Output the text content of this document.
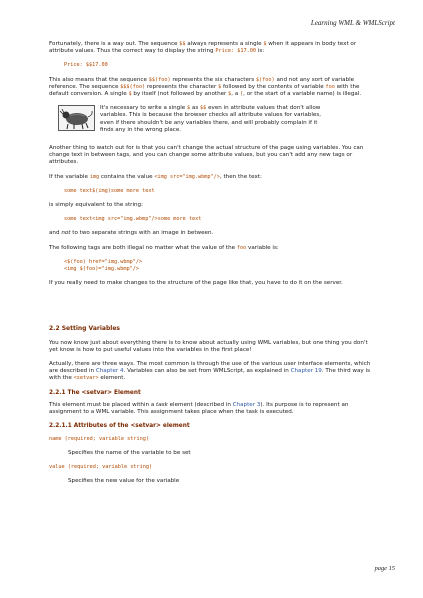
Learning WML & WMLScript

Fortunately, there is a way out. The sequence $$ always represents a single $ when it appears in body text or attribute values. Thus the correct way to display the string Price: $17.00 is:

Price: $$17.00

This also means that the sequence $$(foo) represents the six characters $(foo) and not any sort of variable reference. The sequence $$$(foo) represents the character $ followed by the contents of variable foo with the default conversion. A single $ by itself (not followed by another $, a (, or the start of a variable name) is illegal.

It's necessary to write a single $ as $$ even in attribute values that don't allow variables. This is because the browser checks all attribute values for variables, even if there shouldn't be any variables there, and will probably complain if it finds any in the wrong place.

Another thing to watch out for is that you can't change the actual structure of the page using variables. You can change text in between tags, and you can change some attribute values, but you can't add any new tags or attributes.

If the variable img contains the value <img src="img.wbmp"/>, then the text:

some text$(img)some more text

is simply equivalent to the string:

some text<img src="img.wbmp"/>some more text

and not to two separate strings with an image in between.

The following tags are both illegal no matter what the value of the foo variable is:

<$(foo) href="img.wbmp"/>
<img $(foo)="img.wbmp"/>

If you really need to make changes to the structure of the page like that, you have to do it on the server.

2.2 Setting Variables

You now know just about everything there is to know about actually using WML variables, but one thing you don't yet know is how to put useful values into the variables in the first place!

Actually, there are three ways. The most common is through the use of the various user interface elements, which are described in Chapter 4. Variables can also be set from WMLScript, as explained in Chapter 19. The third way is with the <setvar> element.

2.2.1 The <setvar> Element

This element must be placed within a task element (described in Chapter 3). Its purpose is to represent an assignment to a WML variable. This assignment takes place when the task is executed.

2.2.1.1 Attributes of the <setvar> element
name (required; variable string)
Specifies the name of the variable to be set
value (required; variable string)
Specifies the new value for the variable
page 15
